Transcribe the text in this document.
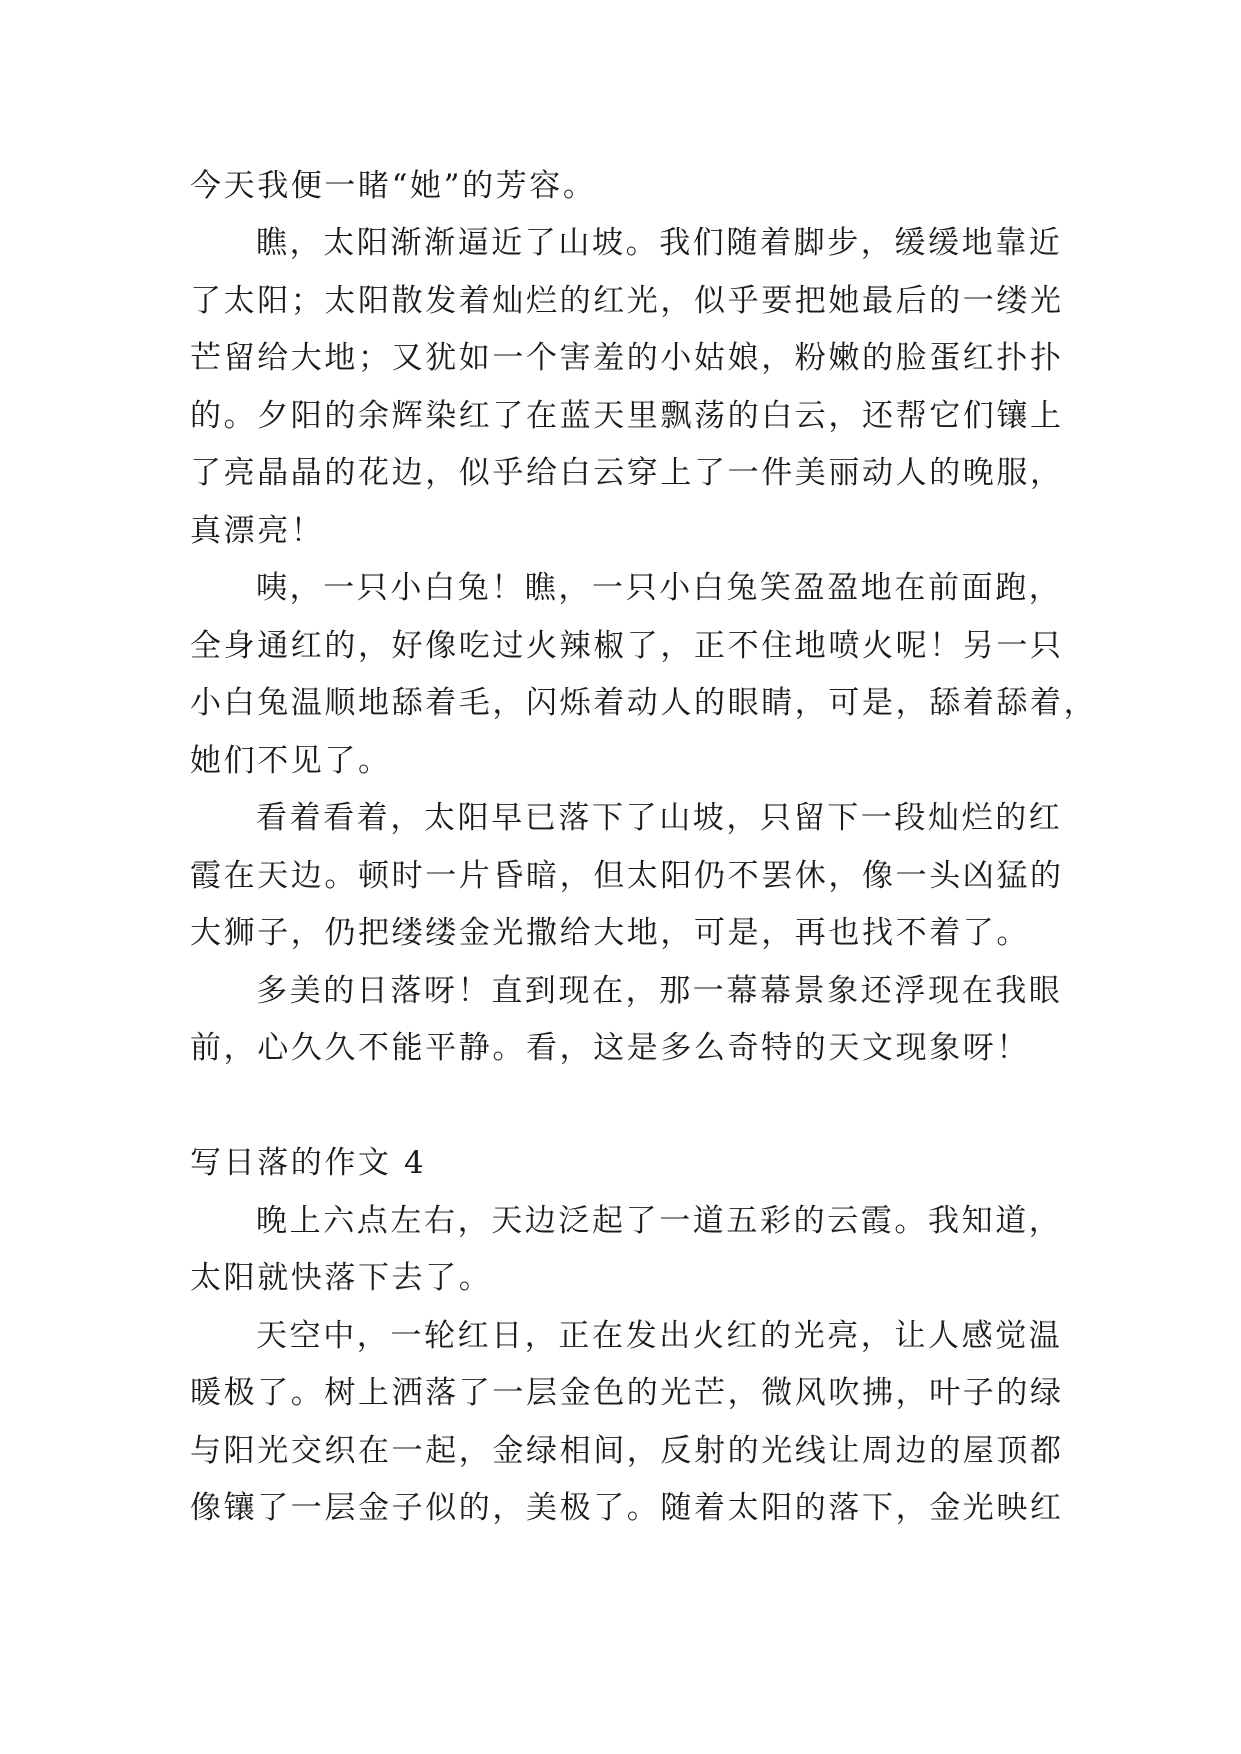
今天我便一睹“她”的芳容。
瞧，太阳渐渐逼近了山坡。我们随着脚步，缓缓地靠近
了太阳；太阳散发着灿烂的红光，似乎要把她最后的一缕光
芒留给大地；又犹如一个害羞的小姑娘，粉嫩的脸蛋红扑扑
的。夕阳的余辉染红了在蓝天里飘荡的白云，还帮它们镶上
了亮晶晶的花边，似乎给白云穿上了一件美丽动人的晚服，
真漂亮！
咦，一只小白兔！瞧，一只小白兔笑盈盈地在前面跑，
全身通红的，好像吃过火辣椒了，正不住地喷火呢！另一只
小白兔温顺地舔着毛，闪烁着动人的眼睛，可是，舔着舔着，
她们不见了。
看着看着，太阳早已落下了山坡，只留下一段灿烂的红
霞在天边。顿时一片昏暗，但太阳仍不罢休，像一头凶猛的
大狮子，仍把缕缕金光撒给大地，可是，再也找不着了。
多美的日落呀！直到现在，那一幕幕景象还浮现在我眼
前，心久久不能平静。看，这是多么奇特的天文现象呀！
写日落的作文 4
晚上六点左右，天边泛起了一道五彩的云霞。我知道，
太阳就快落下去了。
天空中，一轮红日，正在发出火红的光亮，让人感觉温
暖极了。树上洒落了一层金色的光芒，微风吹拂，叶子的绿
与阳光交织在一起，金绿相间，反射的光线让周边的屋顶都
像镶了一层金子似的，美极了。随着太阳的落下，金光映红
